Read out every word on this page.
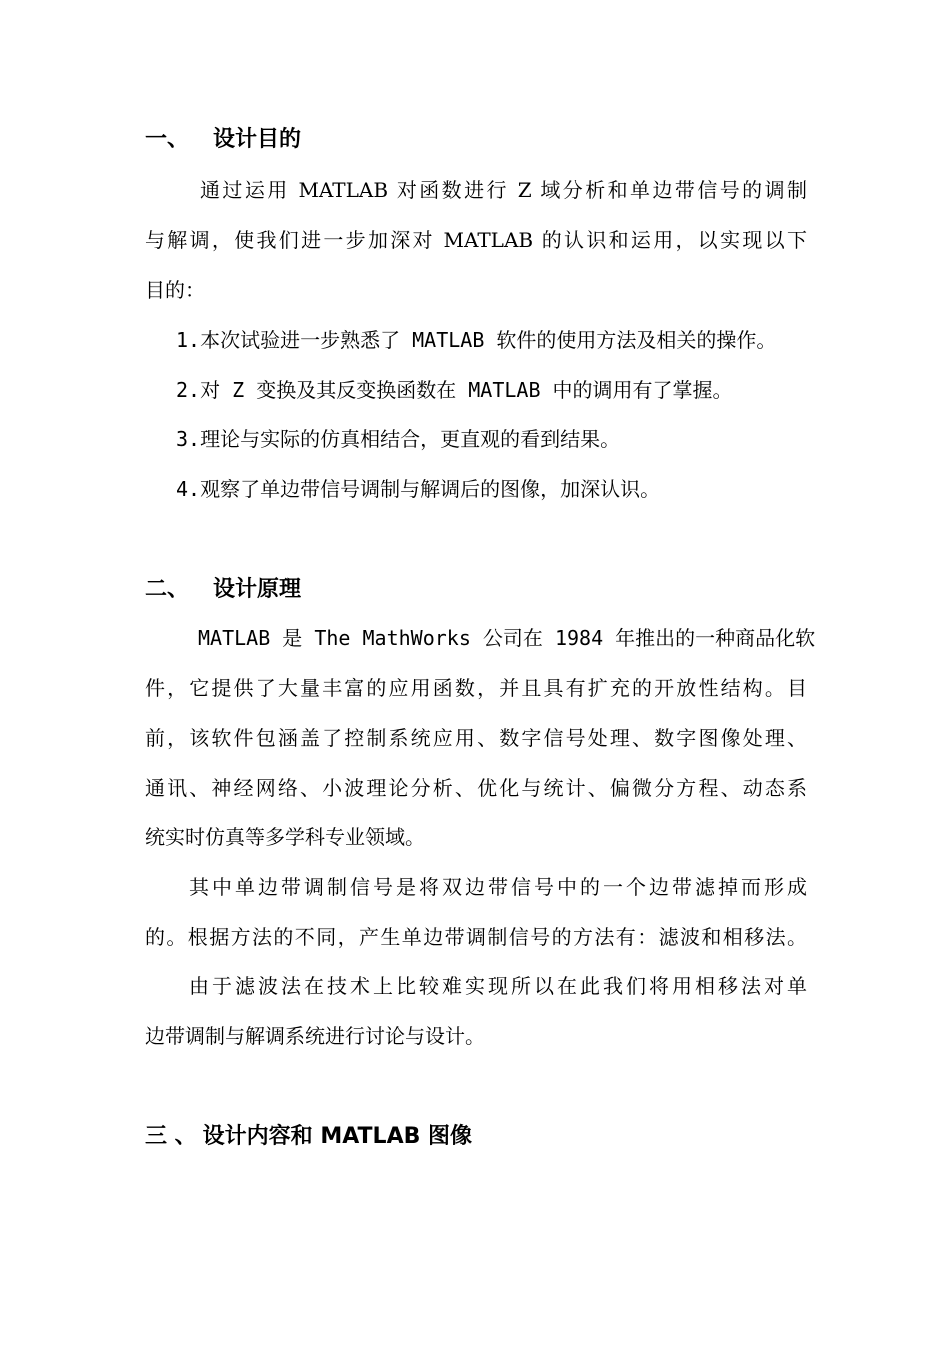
一、 设计目的
通过运用 MATLAB 对函数进行 Z 域分析和单边带信号的调制
与解调，使我们进一步加深对 MATLAB 的认识和运用，以实现以下
目的：
1.本次试验进一步熟悉了 MATLAB 软件的使用方法及相关的操作。
2.对 Z 变换及其反变换函数在 MATLAB 中的调用有了掌握。
3.理论与实际的仿真相结合，更直观的看到结果。
4.观察了单边带信号调制与解调后的图像，加深认识。
二、 设计原理
MATLAB 是 The MathWorks 公司在 1984 年推出的一种商品化软
件，它提供了大量丰富的应用函数，并且具有扩充的开放性结构。目
前，该软件包涵盖了控制系统应用、数字信号处理、数字图像处理、
通讯、神经网络、小波理论分析、优化与统计、偏微分方程、动态系
统实时仿真等多学科专业领域。
其中单边带调制信号是将双边带信号中的一个边带滤掉而形成
的。根据方法的不同，产生单边带调制信号的方法有：滤波和相移法。
由于滤波法在技术上比较难实现所以在此我们将用相移法对单
边带调制与解调系统进行讨论与设计。
三 、 设计内容和 MATLAB 图像
